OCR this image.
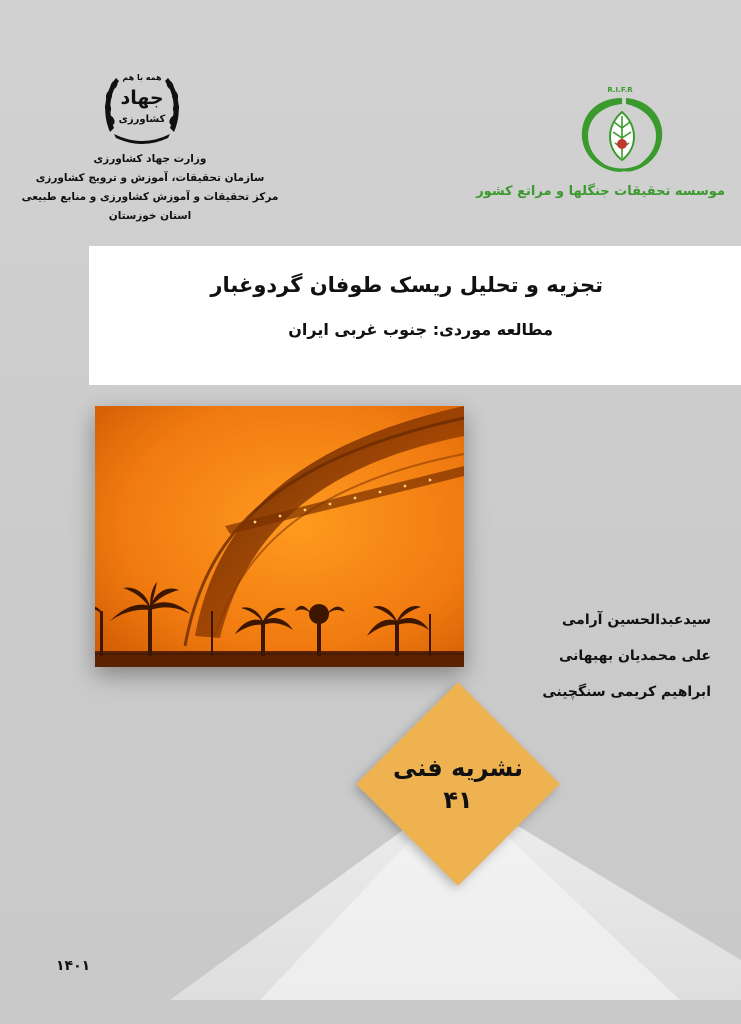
همه با هم
جهاد
کشاورزی
وزارت جهاد کشاورزی
سازمان تحقیقات، آموزش و ترویج کشاورزی
مرکز تحقیقات و آموزش کشاورزی و منابع طبیعی استان خوزستان
R.I.F.R
موسسه تحقیقات جنگلها و مراتع کشور
تجزیه و تحلیل ریسک طوفان گردوغبار
مطالعه موردی: جنوب غربی ایران
سیدعبدالحسین آرامی
علی محمدیان بهبهانی
ابراهیم کریمی سنگچینی
نشریه فنی
۴۱
۱۴۰۱
